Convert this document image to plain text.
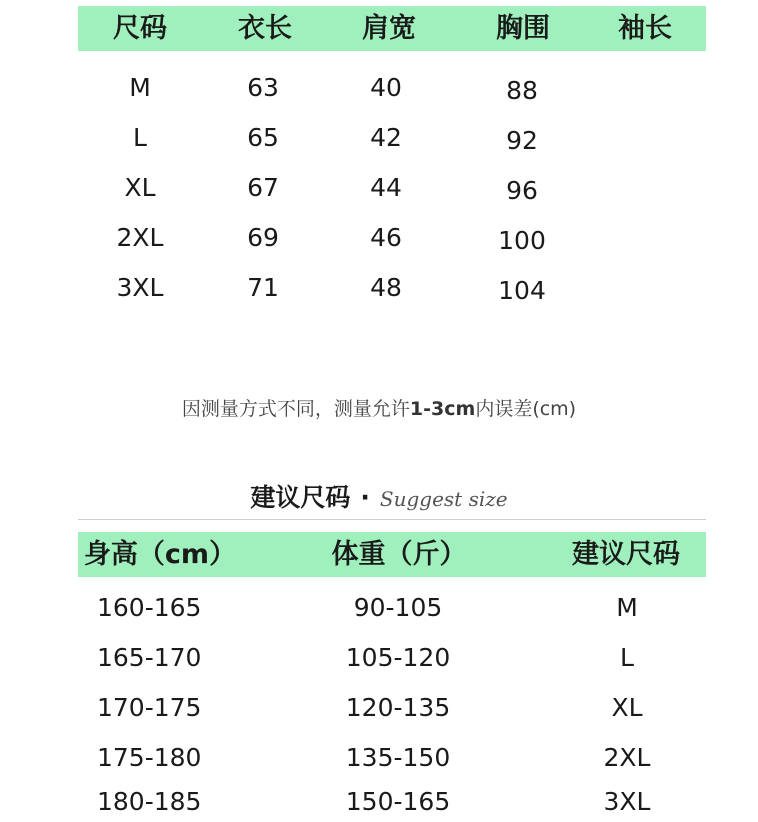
尺码	衣长	肩宽	胸围	袖长
M	63	40	88
L	65	42	92
XL	67	44	96
2XL	69	46	100
3XL	71	48	104
因测量方式不同，测量允许1-3cm内误差(cm)
建议尺码 · Suggest size
身高（cm）	体重（斤）	建议尺码
160-165	90-105	M
165-170	105-120	L
170-175	120-135	XL
175-180	135-150	2XL
180-185	150-165	3XL
